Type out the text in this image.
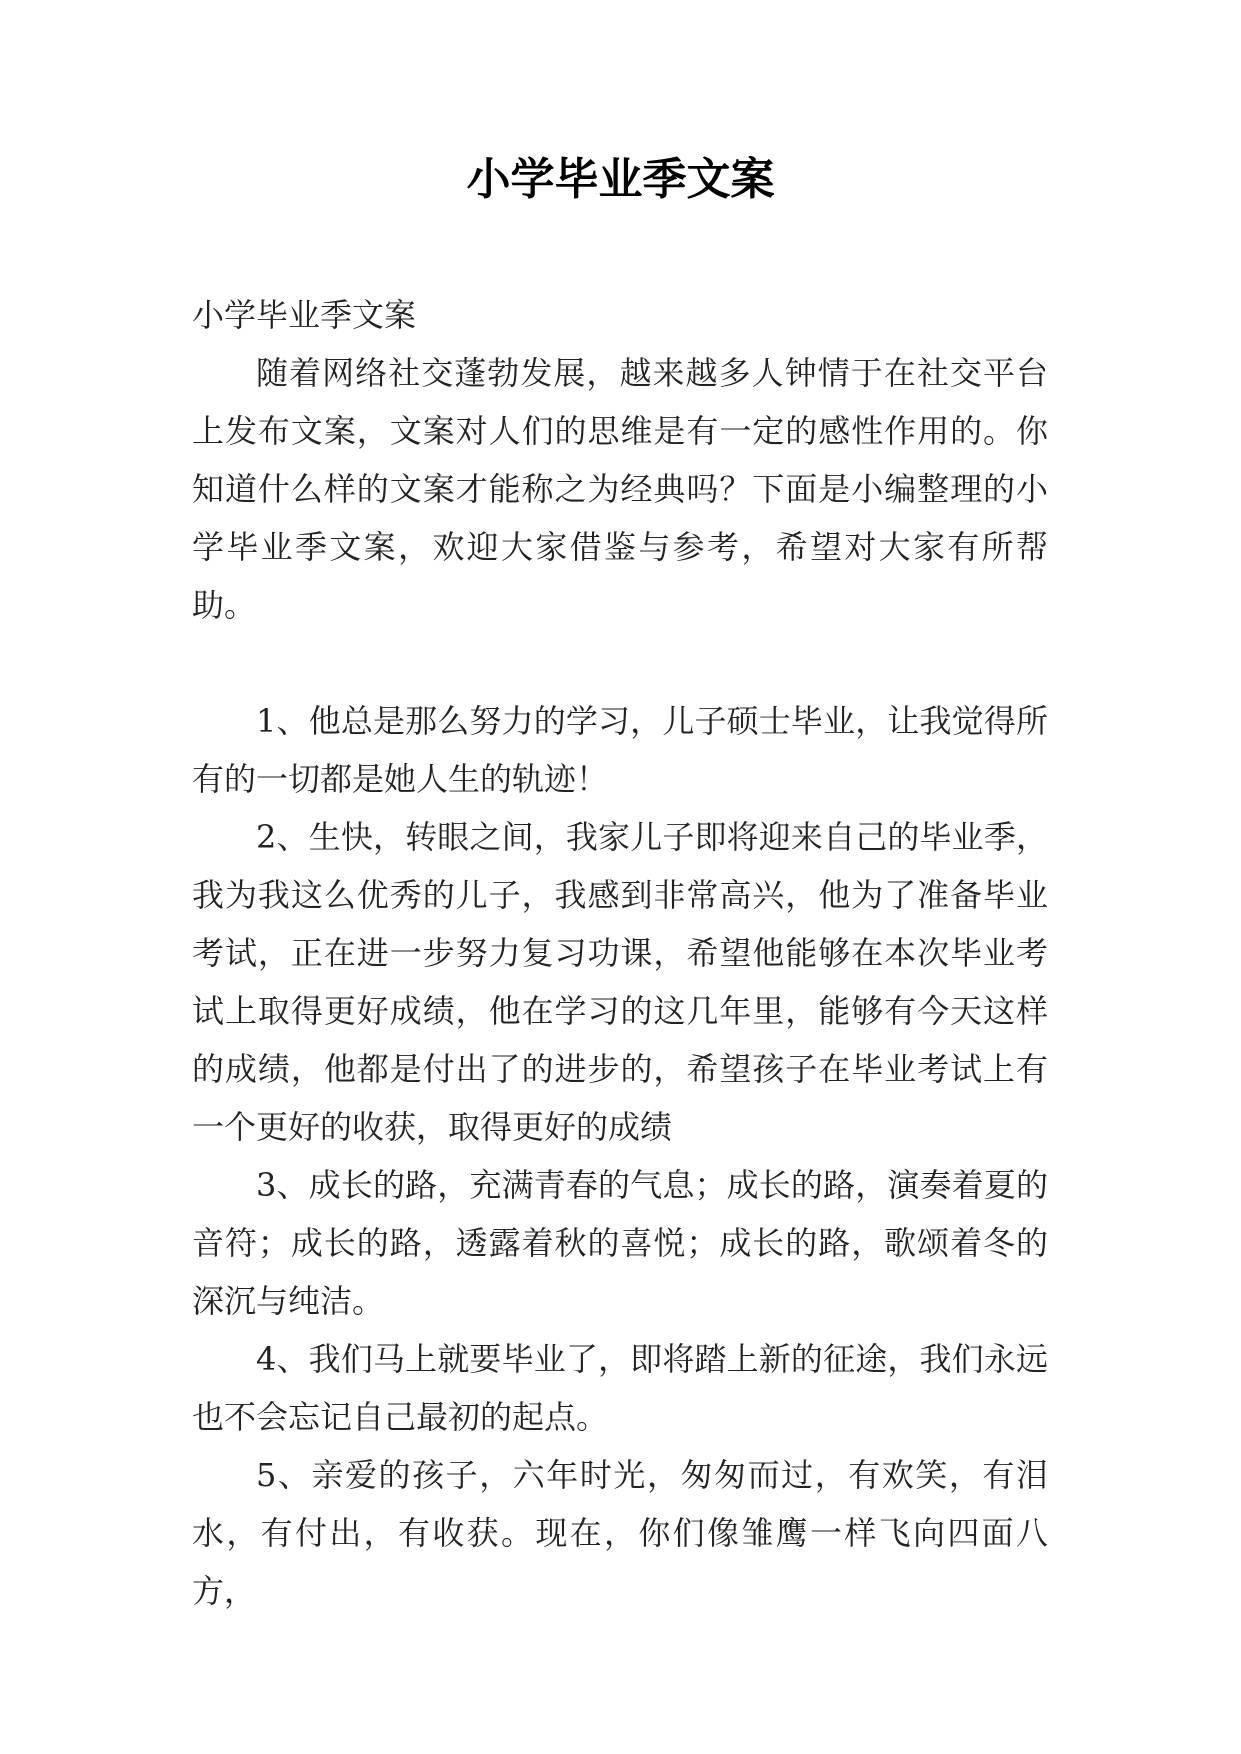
小学毕业季文案

小学毕业季文案

随着网络社交蓬勃发展，越来越多人钟情于在社交平台上发布文案，文案对人们的思维是有一定的感性作用的。你知道什么样的文案才能称之为经典吗？下面是小编整理的小学毕业季文案，欢迎大家借鉴与参考，希望对大家有所帮助。

1、他总是那么努力的学习，儿子硕士毕业，让我觉得所有的一切都是她人生的轨迹！

2、生快，转眼之间，我家儿子即将迎来自己的毕业季，我为我这么优秀的儿子，我感到非常高兴，他为了准备毕业考试，正在进一步努力复习功课，希望他能够在本次毕业考试上取得更好成绩，他在学习的这几年里，能够有今天这样的成绩，他都是付出了的进步的，希望孩子在毕业考试上有一个更好的收获，取得更好的成绩

3、成长的路，充满青春的气息；成长的路，演奏着夏的音符；成长的路，透露着秋的喜悦；成长的路，歌颂着冬的深沉与纯洁。

4、我们马上就要毕业了，即将踏上新的征途，我们永远也不会忘记自己最初的起点。

5、亲爱的孩子，六年时光，匆匆而过，有欢笑，有泪水，有付出，有收获。现在，你们像雏鹰一样飞向四面八方，
